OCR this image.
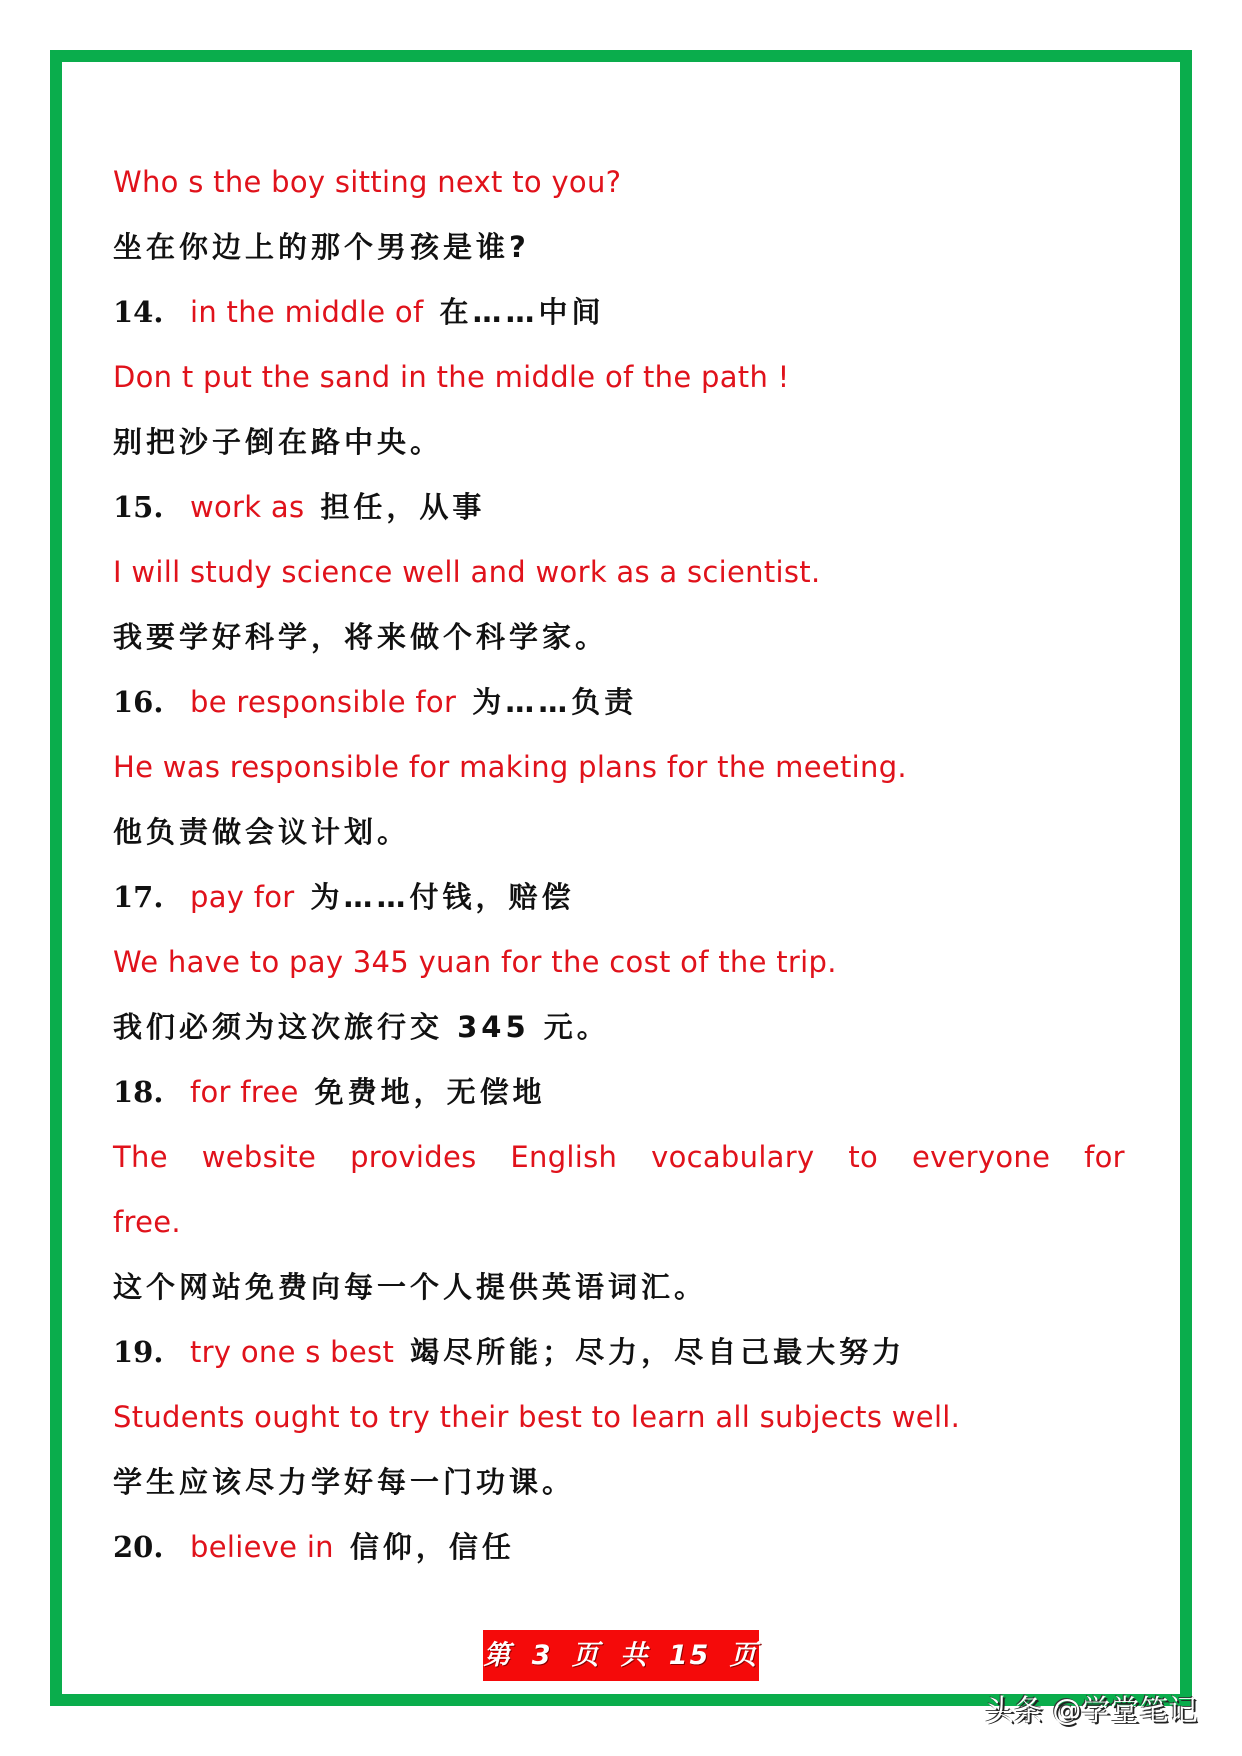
Who s the boy sitting next to you?
坐在你边上的那个男孩是谁?
14. in the middle of 在……中间
Don t put the sand in the middle of the path !
别把沙子倒在路中央。
15. work as 担任，从事
I will study science well and work as a scientist.
我要学好科学，将来做个科学家。
16. be responsible for 为……负责
He was responsible for making plans for the meeting.
他负责做会议计划。
17. pay for 为……付钱，赔偿
We have to pay 345 yuan for the cost of the trip.
我们必须为这次旅行交 345 元。
18. for free 免费地，无偿地
The website provides English vocabulary to everyone for
free.
这个网站免费向每一个人提供英语词汇。
19. try one s best 竭尽所能；尽力，尽自己最大努力
Students ought to try their best to learn all subjects well.
学生应该尽力学好每一门功课。
20. believe in 信仰，信任
第 3 页 共 15 页
头条 @学堂笔记
